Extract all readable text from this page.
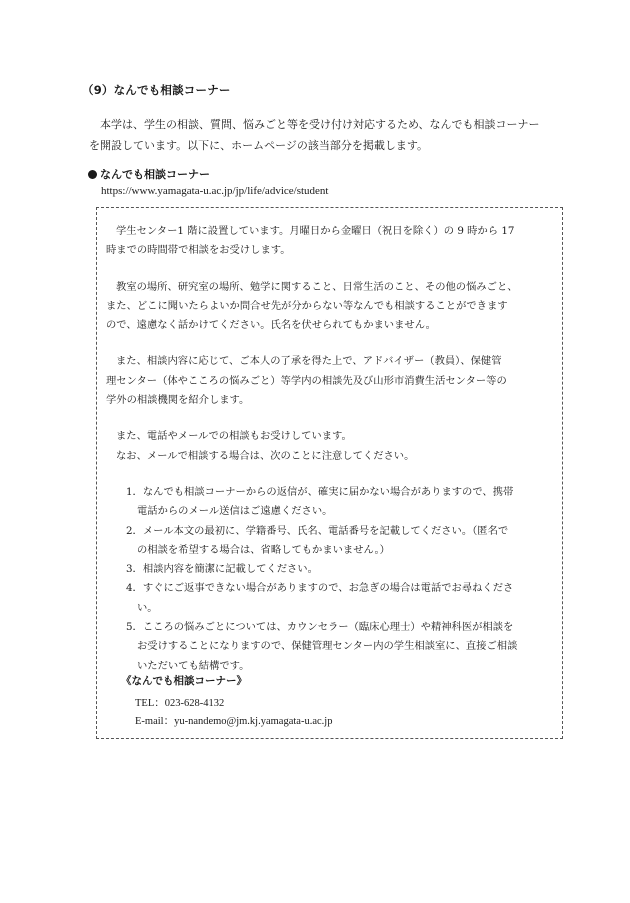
（9）なんでも相談コーナー
本学は、学生の相談、質問、悩みごと等を受け付け対応するため、なんでも相談コーナー
を開設しています。以下に、ホームページの該当部分を掲載します。
なんでも相談コーナー
https://www.yamagata-u.ac.jp/jp/life/advice/student
学生センター1 階に設置しています。月曜日から金曜日（祝日を除く）の 9 時から 17
時までの時間帯で相談をお受けします。
教室の場所、研究室の場所、勉学に関すること、日常生活のこと、その他の悩みごと、
また、どこに聞いたらよいか問合せ先が分からない等なんでも相談することができます
ので、遠慮なく話かけてください。氏名を伏せられてもかまいません。
また、相談内容に応じて、ご本人の了承を得た上で、アドバイザー（教員）、保健管
理センター（体やこころの悩みごと）等学内の相談先及び山形市消費生活センター等の
学外の相談機関を紹介します。
また、電話やメールでの相談もお受けしています。
なお、メールで相談する場合は、次のことに注意してください。
1．なんでも相談コーナーからの返信が、確実に届かない場合がありますので、携帯
電話からのメール送信はご遠慮ください。
2．メール本文の最初に、学籍番号、氏名、電話番号を記載してください。（匿名で
の相談を希望する場合は、省略してもかまいません。）
3．相談内容を簡潔に記載してください。
4．すぐにご返事できない場合がありますので、お急ぎの場合は電話でお尋ねくださ
い。
5．こころの悩みごとについては、カウンセラー（臨床心理士）や精神科医が相談を
お受けすることになりますので、保健管理センター内の学生相談室に、直接ご相談
いただいても結構です。
《なんでも相談コーナー》
TEL：023-628-4132
E-mail：yu-nandemo@jm.kj.yamagata-u.ac.jp
